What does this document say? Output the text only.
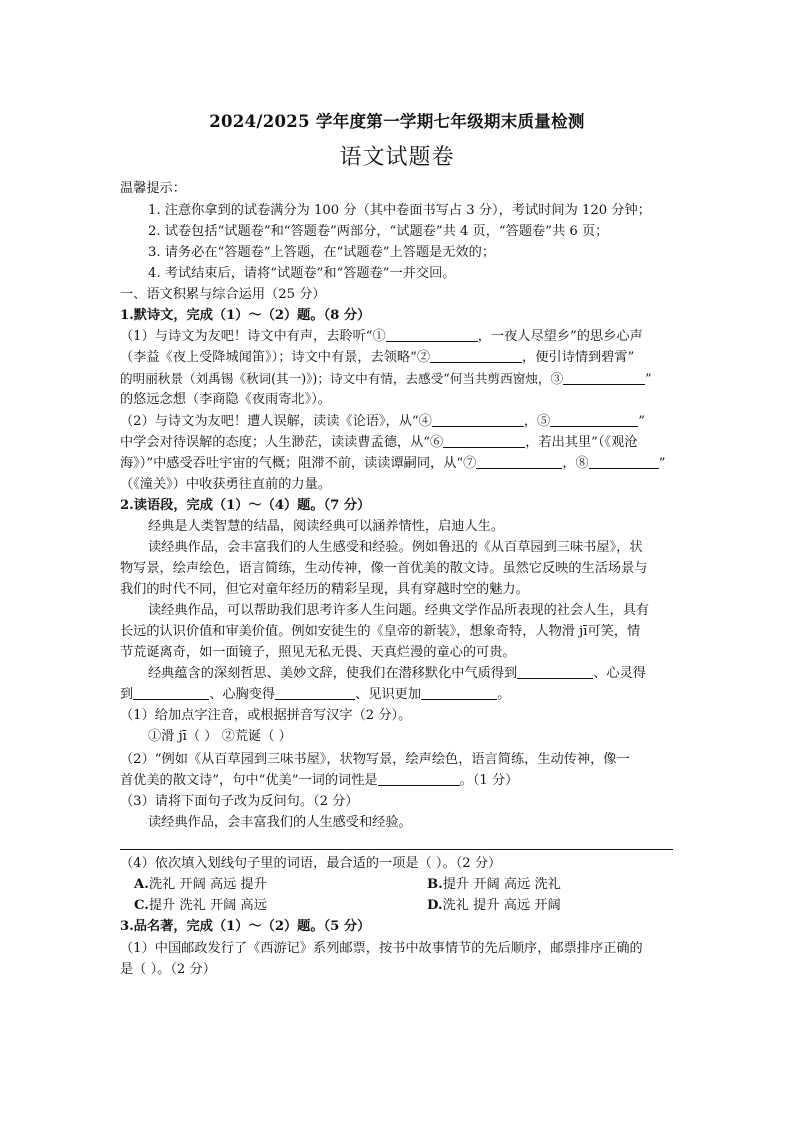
2024/2025 学年度第一学期七年级期末质量检测
语文试题卷
温馨提示：
1. 注意你拿到的试卷满分为 100 分（其中卷面书写占 3 分），考试时间为 120 分钟；
2. 试卷包括“试题卷”和“答题卷”两部分，“试题卷”共 4 页，“答题卷”共 6 页；
3. 请务必在“答题卷”上答题，在“试题卷”上答题是无效的；
4. 考试结束后，请将“试题卷”和“答题卷”一并交回。
一、语文积累与综合运用（25 分）
1.默诗文，完成（1）～（2）题。（8 分）
（1）与诗文为友吧！诗文中有声，去聆听“①	，一夜人尽望乡”的思乡心声
（李益《夜上受降城闻笛》）；诗文中有景，去领略“②	，便引诗情到碧霄”
的明丽秋景（刘禹锡《秋词(其一)》)；诗文中有情，去感受“何当共剪西窗烛，③	”
的悠远念想（李商隐《夜雨寄北》）。
（2）与诗文为友吧！遭人误解，读读《论语》，从“④	，⑤	”
中学会对待误解的态度；人生渺茫，读读曹孟德，从“⑥	，若出其里”（《观沧
海》）”中感受吞吐宇宙的气概；阻滞不前，读读谭嗣同，从“⑦	，⑧	”
（《潼关》）中收获勇往直前的力量。
2.读语段，完成（1）～（4）题。（7 分）
经典是人类智慧的结晶，阅读经典可以涵养情性，启迪人生。
读经典作品，会丰富我们的人生感受和经验。例如鲁迅的《从百草园到三味书屋》，状
物写景，绘声绘色，语言简练，生动传神，像一首优美的散文诗。虽然它反映的生活场景与
我们的时代不同，但它对童年经历的精彩呈现，具有穿越时空的魅力。
读经典作品，可以帮助我们思考许多人生问题。经典文学作品所表现的社会人生，具有
长远的认识价值和审美价值。例如安徒生的《皇帝的新装》，想象奇特，人物滑 jī可笑，情
节荒诞离奇，如一面镜子，照见无私无畏、天真烂漫的童心的可贵。
经典蕴含的深刻哲思、美妙文辞，使我们在潜移默化中气质得到	、心灵得
到	、心胸变得	、见识更加	。
（1）给加点字注音，或根据拼音写汉字（2 分）。
①滑 jī（ ） ②荒诞（ ）
（2）“例如《从百草园到三味书屋》，状物写景，绘声绘色，语言简练，生动传神，像一
首优美的散文诗”，句中“优美”一词的词性是	。（1 分）
（3）请将下面句子改为反问句。（2 分）
读经典作品，会丰富我们的人生感受和经验。
（4）依次填入划线句子里的词语，最合适的一项是（ ）。（2 分）
A.洗礼 开阔 高远 提升	B.提升 开阔 高远 洗礼
C.提升 洗礼 开阔 高远	D.洗礼 提升 高远 开阔
3.品名著，完成（1）～（2）题。（5 分）
（1）中国邮政发行了《西游记》系列邮票，按书中故事情节的先后顺序，邮票排序正确的
是（ ）。（2 分）
